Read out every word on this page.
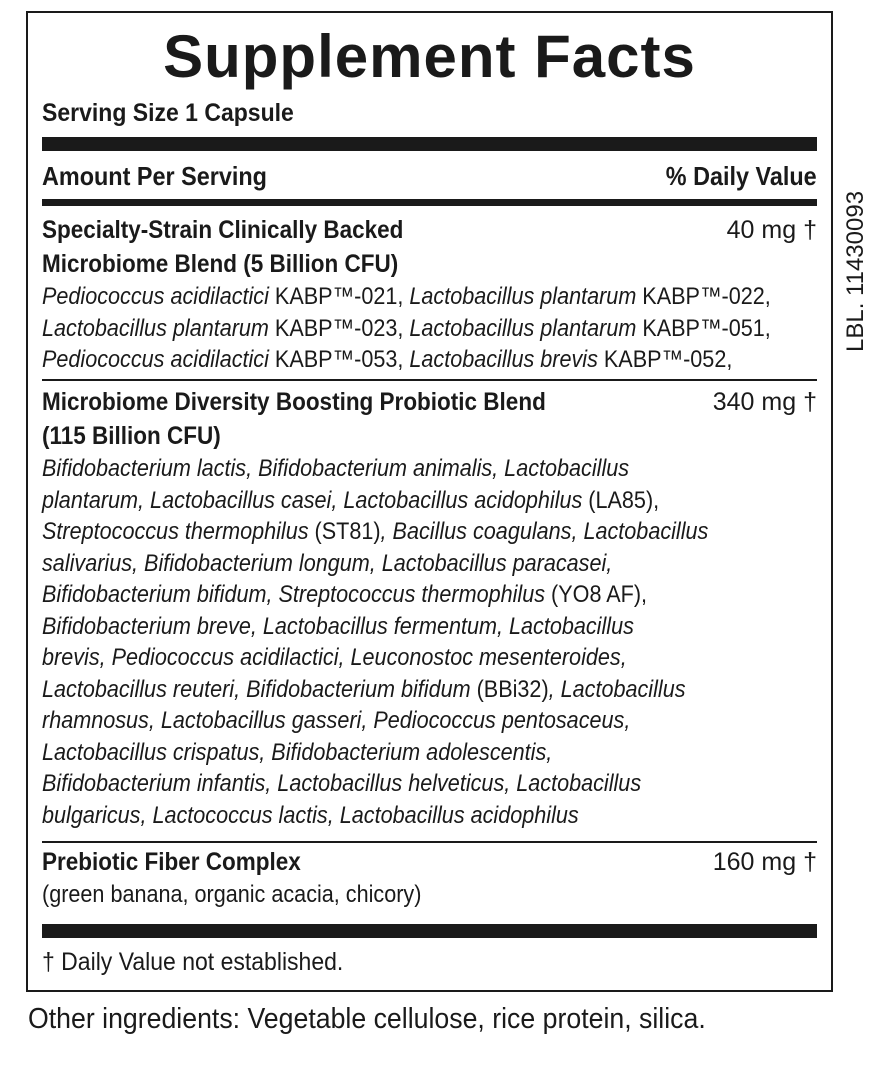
Supplement Facts
Serving Size 1 Capsule
Amount Per Serving	% Daily Value
Specialty-Strain Clinically Backed
Microbiome Blend (5 Billion CFU)
40 mg †
Pediococcus acidilactici KABP™-021, Lactobacillus plantarum KABP™-022,
Lactobacillus plantarum KABP™-023, Lactobacillus plantarum KABP™-051,
Pediococcus acidilactici KABP™-053, Lactobacillus brevis KABP™-052,
Microbiome Diversity Boosting Probiotic Blend
(115 Billion CFU)
340 mg †
Bifidobacterium lactis, Bifidobacterium animalis, Lactobacillus
plantarum, Lactobacillus casei, Lactobacillus acidophilus (LA85),
Streptococcus thermophilus (ST81), Bacillus coagulans, Lactobacillus
salivarius, Bifidobacterium longum, Lactobacillus paracasei,
Bifidobacterium bifidum, Streptococcus thermophilus (YO8 AF),
Bifidobacterium breve, Lactobacillus fermentum, Lactobacillus
brevis, Pediococcus acidilactici, Leuconostoc mesenteroides,
Lactobacillus reuteri, Bifidobacterium bifidum (BBi32), Lactobacillus
rhamnosus, Lactobacillus gasseri, Pediococcus pentosaceus,
Lactobacillus crispatus, Bifidobacterium adolescentis,
Bifidobacterium infantis, Lactobacillus helveticus, Lactobacillus
bulgaricus, Lactococcus lactis, Lactobacillus acidophilus
Prebiotic Fiber Complex	160 mg †
(green banana, organic acacia, chicory)
† Daily Value not established.
LBL. 11430093
Other ingredients: Vegetable cellulose, rice protein, silica.
